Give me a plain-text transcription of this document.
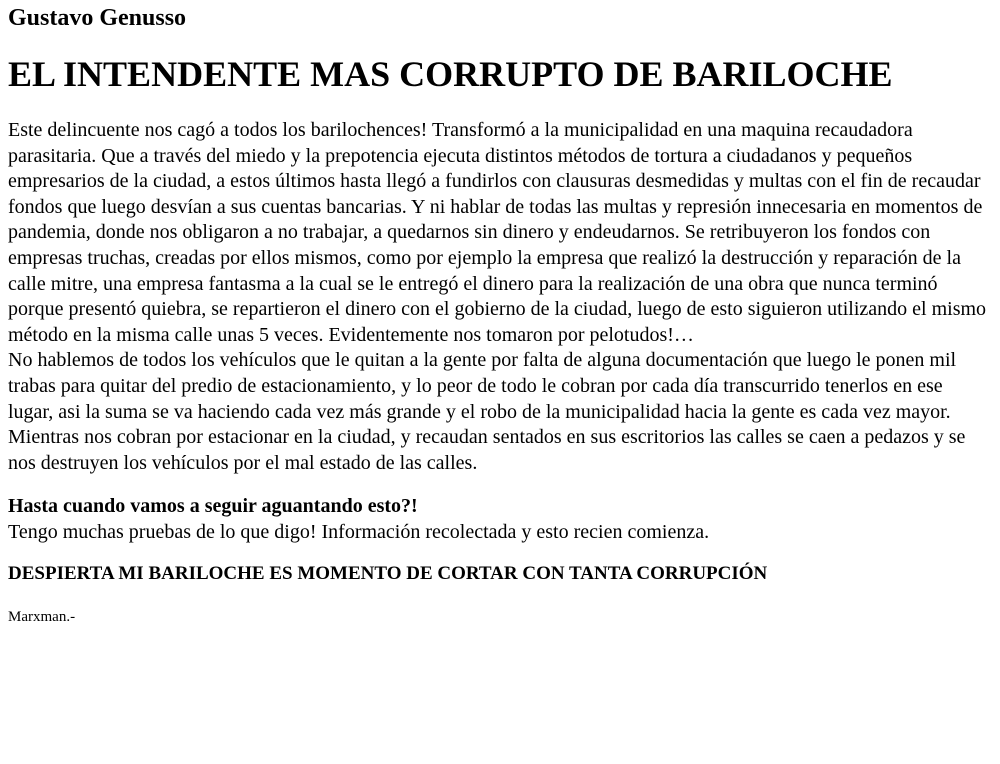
Gustavo Genusso
EL INTENDENTE MAS CORRUPTO DE BARILOCHE

Este delincuente nos cagó a todos los barilochences! Transformó a la municipalidad en una maquina recaudadora parasitaria. Que a través del miedo y la prepotencia ejecuta distintos métodos de tortura a ciudadanos y pequeños empresarios de la ciudad, a estos últimos hasta llegó a fundirlos con clausuras desmedidas y multas con el fin de recaudar fondos que luego desvían a sus cuentas bancarias. Y ni hablar de todas las multas y represión innecesaria en momentos de pandemia, donde nos obligaron a no trabajar, a quedarnos sin dinero y endeudarnos. Se retribuyeron los fondos con empresas truchas, creadas por ellos mismos, como por ejemplo la empresa que realizó la destrucción y reparación de la calle mitre, una empresa fantasma a la cual se le entregó el dinero para la realización de una obra que nunca terminó porque presentó quiebra, se repartieron el dinero con el gobierno de la ciudad, luego de esto siguieron utilizando el mismo método en la misma calle unas 5 veces. Evidentemente nos tomaron por pelotudos!…

No hablemos de todos los vehículos que le quitan a la gente por falta de alguna documentación que luego le ponen mil trabas para quitar del predio de estacionamiento, y lo peor de todo le cobran por cada día transcurrido tenerlos en ese lugar, asi la suma se va haciendo cada vez más grande y el robo de la municipalidad hacia la gente es cada vez mayor.

Mientras nos cobran por estacionar en la ciudad, y recaudan sentados en sus escritorios las calles se caen a pedazos y se nos destruyen los vehículos por el mal estado de las calles.

Hasta cuando vamos a seguir aguantando esto?!

Tengo muchas pruebas de lo que digo! Información recolectada y esto recien comienza.

DESPIERTA MI BARILOCHE ES MOMENTO DE CORTAR CON TANTA CORRUPCIÓN
Marxman.-
